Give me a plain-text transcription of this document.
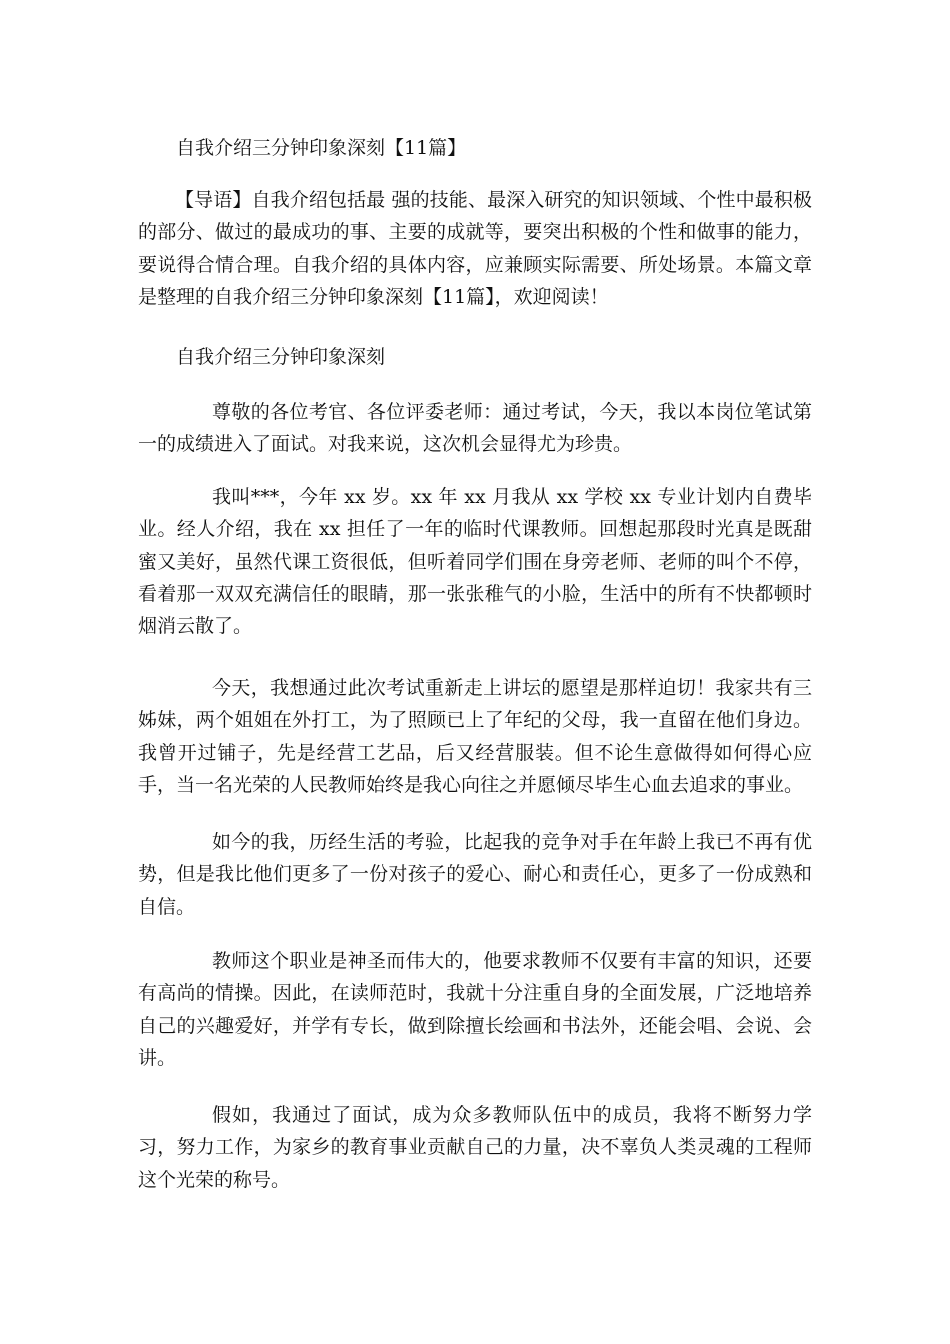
自我介绍三分钟印象深刻【11篇】
【导语】自我介绍包括最 强的技能、最深入研究的知识领域、个性中最积极的部分、做过的最成功的事、主要的成就等，要突出积极的个性和做事的能力，要说得合情合理。自我介绍的具体内容，应兼顾实际需要、所处场景。本篇文章是整理的自我介绍三分钟印象深刻【11篇】，欢迎阅读！
自我介绍三分钟印象深刻
尊敬的各位考官、各位评委老师：通过考试，今天，我以本岗位笔试第一的成绩进入了面试。对我来说，这次机会显得尤为珍贵。
我叫***，今年 xx 岁。xx 年 xx 月我从 xx 学校 xx 专业计划内自费毕业。经人介绍，我在 xx 担任了一年的临时代课教师。回想起那段时光真是既甜蜜又美好，虽然代课工资很低，但听着同学们围在身旁老师、老师的叫个不停，看着那一双双充满信任的眼睛，那一张张稚气的小脸，生活中的所有不快都顿时烟消云散了。
今天，我想通过此次考试重新走上讲坛的愿望是那样迫切！我家共有三姊妹，两个姐姐在外打工，为了照顾已上了年纪的父母，我一直留在他们身边。我曾开过铺子，先是经营工艺品，后又经营服装。但不论生意做得如何得心应手，当一名光荣的人民教师始终是我心向往之并愿倾尽毕生心血去追求的事业。
如今的我，历经生活的考验，比起我的竞争对手在年龄上我已不再有优势，但是我比他们更多了一份对孩子的爱心、耐心和责任心，更多了一份成熟和自信。
教师这个职业是神圣而伟大的，他要求教师不仅要有丰富的知识，还要有高尚的情操。因此，在读师范时，我就十分注重自身的全面发展，广泛地培养自己的兴趣爱好，并学有专长，做到除擅长绘画和书法外，还能会唱、会说、会讲。
假如，我通过了面试，成为众多教师队伍中的成员，我将不断努力学习，努力工作，为家乡的教育事业贡献自己的力量，决不辜负人类灵魂的工程师这个光荣的称号。
